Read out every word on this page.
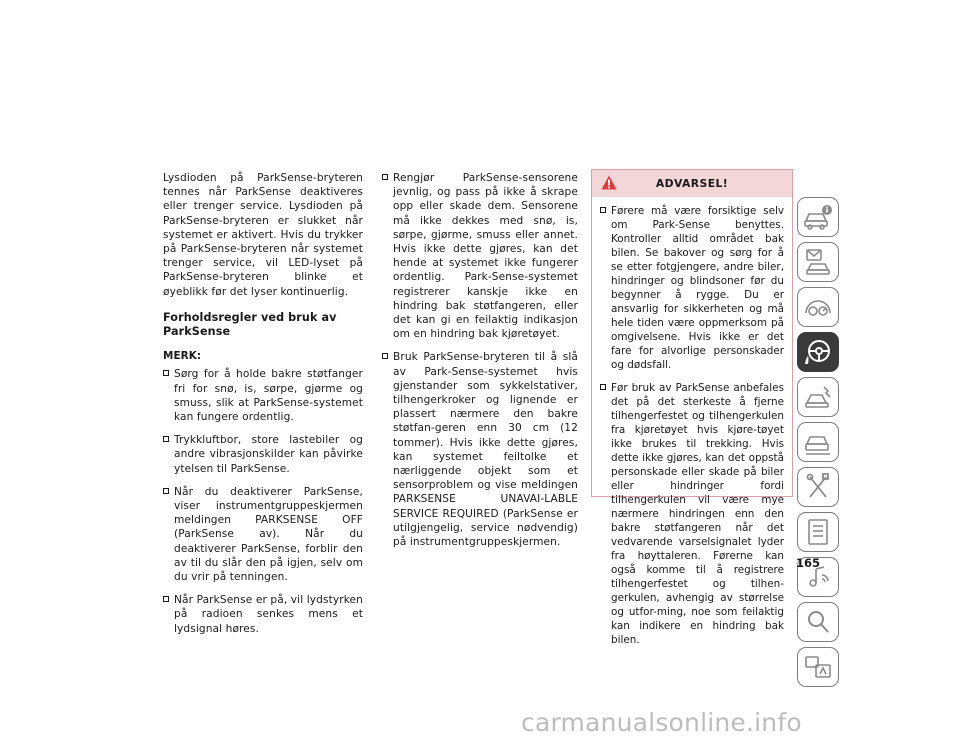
Lysdioden på ParkSense-bryteren tennes når ParkSense deaktiveres eller trenger service. Lysdioden på ParkSense-bryteren er slukket når systemet er aktivert. Hvis du trykker på ParkSense-bryteren når systemet trenger service, vil LED-lyset på ParkSense-bryteren blinke et øyeblikk før det lyser kontinuerlig.

Forholdsregler ved bruk av ParkSense

MERK:

Sørg for å holde bakre støtfanger fri for snø, is, sørpe, gjørme og smuss, slik at ParkSense-systemet kan fungere ordentlig.
Trykkluftbor, store lastebiler og andre vibrasjonskilder kan påvirke ytelsen til ParkSense.
Når du deaktiverer ParkSense, viser instrumentgruppeskjermen meldingen PARKSENSE OFF (ParkSense av). Når du deaktiverer ParkSense, forblir den av til du slår den på igjen, selv om du vrir på tenningen.
Når ParkSense er på, vil lydstyrken på radioen senkes mens et lydsignal høres.
Rengjør ParkSense-sensorene jevnlig, og pass på ikke å skrape opp eller skade dem. Sensorene må ikke dekkes med snø, is, sørpe, gjørme, smuss eller annet. Hvis ikke dette gjøres, kan det hende at systemet ikke fungerer ordentlig. Park-Sense-systemet registrerer kanskje ikke en hindring bak støtfangeren, eller det kan gi en feilaktig indikasjon om en hindring bak kjøretøyet.
Bruk ParkSense-bryteren til å slå av Park-Sense-systemet hvis gjenstander som sykkelstativer, tilhengerkroker og lignende er plassert nærmere den bakre støtfan-geren enn 30 cm (12 tommer). Hvis ikke dette gjøres, kan systemet feiltolke et nærliggende objekt som et sensorproblem og vise meldingen PARKSENSE UNAVAI-LABLE SERVICE REQUIRED (ParkSense er utilgjengelig, service nødvendig) på instrumentgruppeskjermen.
ADVARSEL!
Førere må være forsiktige selv om Park-Sense benyttes. Kontroller alltid området bak bilen. Se bakover og sørg for å se etter fotgjengere, andre biler, hindringer og blindsoner før du begynner å rygge. Du er ansvarlig for sikkerheten og må hele tiden være oppmerksom på omgivelsene. Hvis ikke er det fare for alvorlige personskader og dødsfall.
Før bruk av ParkSense anbefales det på det sterkeste å fjerne tilhengerfestet og tilhengerkulen fra kjøretøyet hvis kjøre-tøyet ikke brukes til trekking. Hvis dette ikke gjøres, kan det oppstå personskade eller skade på biler eller hindringer fordi tilhengerkulen vil være mye nærmere hindringen enn den bakre støtfangeren når det vedvarende varselsignalet lyder fra høyttaleren. Førerne kan også komme til å registrere tilhengerfestet og tilhen-gerkulen, avhengig av størrelse og utfor-ming, noe som feilaktig kan indikere en hindring bak bilen.
165
carmanualsonline.info
